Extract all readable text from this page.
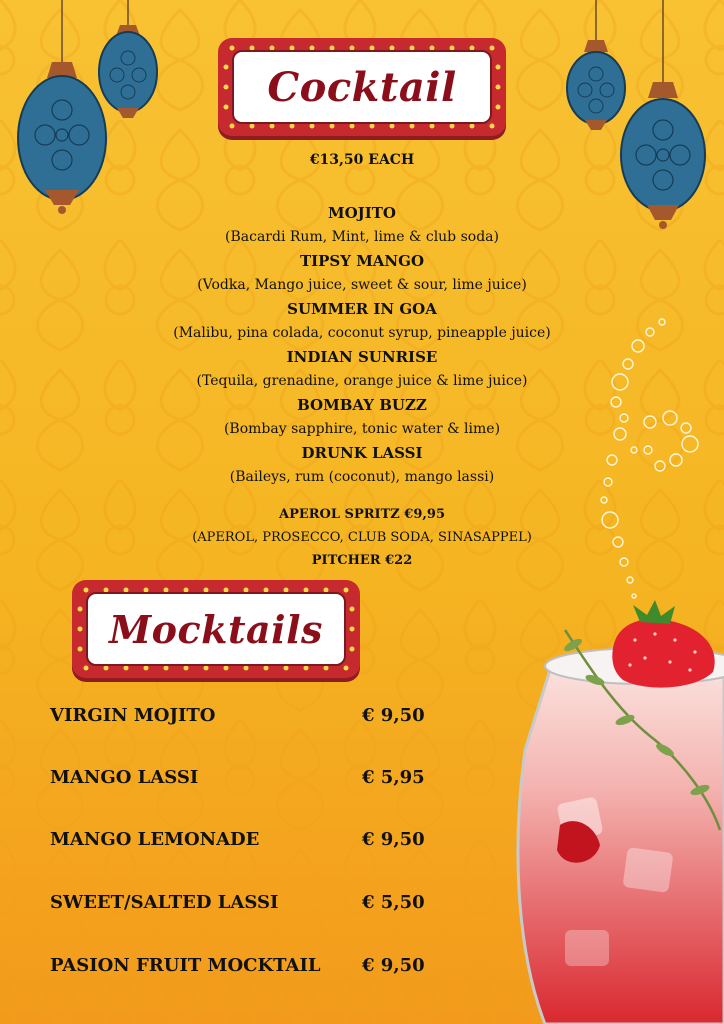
Cocktail
€13,50 EACH
MOJITO
(Bacardi Rum, Mint, lime & club soda)
TIPSY MANGO
(Vodka, Mango juice, sweet & sour, lime juice)
SUMMER IN GOA
(Malibu, pina colada, coconut syrup, pineapple juice)
INDIAN SUNRISE
(Tequila, grenadine, orange juice & lime juice)
BOMBAY BUZZ
(Bombay sapphire, tonic water & lime)
DRUNK LASSI
(Baileys, rum (coconut), mango lassi)
APEROL SPRITZ €9,95
(APEROL, PROSECCO, CLUB SODA, SINASAPPEL)
PITCHER €22
Mocktails
VIRGIN MOJITO	€ 9,50
MANGO LASSI	€ 5,95
MANGO LEMONADE	€ 9,50
SWEET/SALTED LASSI	€ 5,50
PASION FRUIT MOCKTAIL € 9,50
